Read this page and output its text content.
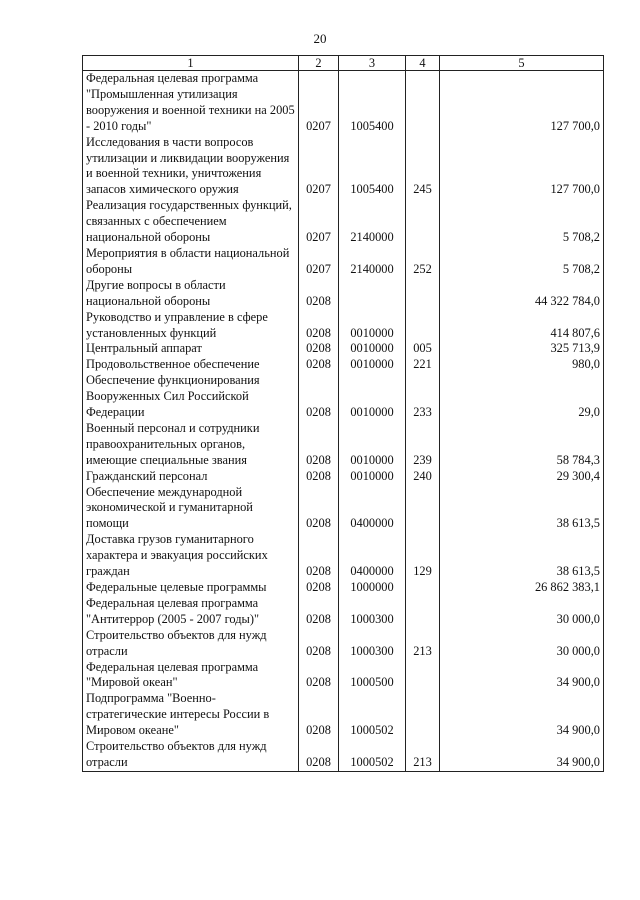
20
1	2	3	4	5
Федеральная целевая программа "Промышленная утилизация вооружения и военной техники на 2005 - 2010 годы"	0207	1005400		127 700,0
Исследования в части вопросов утилизации и ликвидации вооружения и военной техники, уничтожения запасов химического оружия	0207	1005400	245	127 700,0
Реализация государственных функций, связанных с обеспечением национальной обороны	0207	2140000		5 708,2
Мероприятия в области национальной обороны	0207	2140000	252	5 708,2
Другие вопросы в области национальной обороны	0208			44 322 784,0
Руководство и управление в сфере установленных функций	0208	0010000		414 807,6
Центральный аппарат	0208	0010000	005	325 713,9
Продовольственное обеспечение	0208	0010000	221	980,0
Обеспечение функционирования Вооруженных Сил Российской Федерации	0208	0010000	233	29,0
Военный персонал и сотрудники правоохранительных органов, имеющие специальные звания	0208	0010000	239	58 784,3
Гражданский персонал	0208	0010000	240	29 300,4
Обеспечение международной экономической и гуманитарной помощи	0208	0400000		38 613,5
Доставка грузов гуманитарного характера и эвакуация российских граждан	0208	0400000	129	38 613,5
Федеральные целевые программы	0208	1000000		26 862 383,1
Федеральная целевая программа "Антитеррор (2005 - 2007 годы)"	0208	1000300		30 000,0
Строительство объектов для нужд отрасли	0208	1000300	213	30 000,0
Федеральная целевая программа "Мировой океан"	0208	1000500		34 900,0
Подпрограмма "Военно-стратегические интересы России в Мировом океане"	0208	1000502		34 900,0
Строительство объектов для нужд отрасли	0208	1000502	213	34 900,0
